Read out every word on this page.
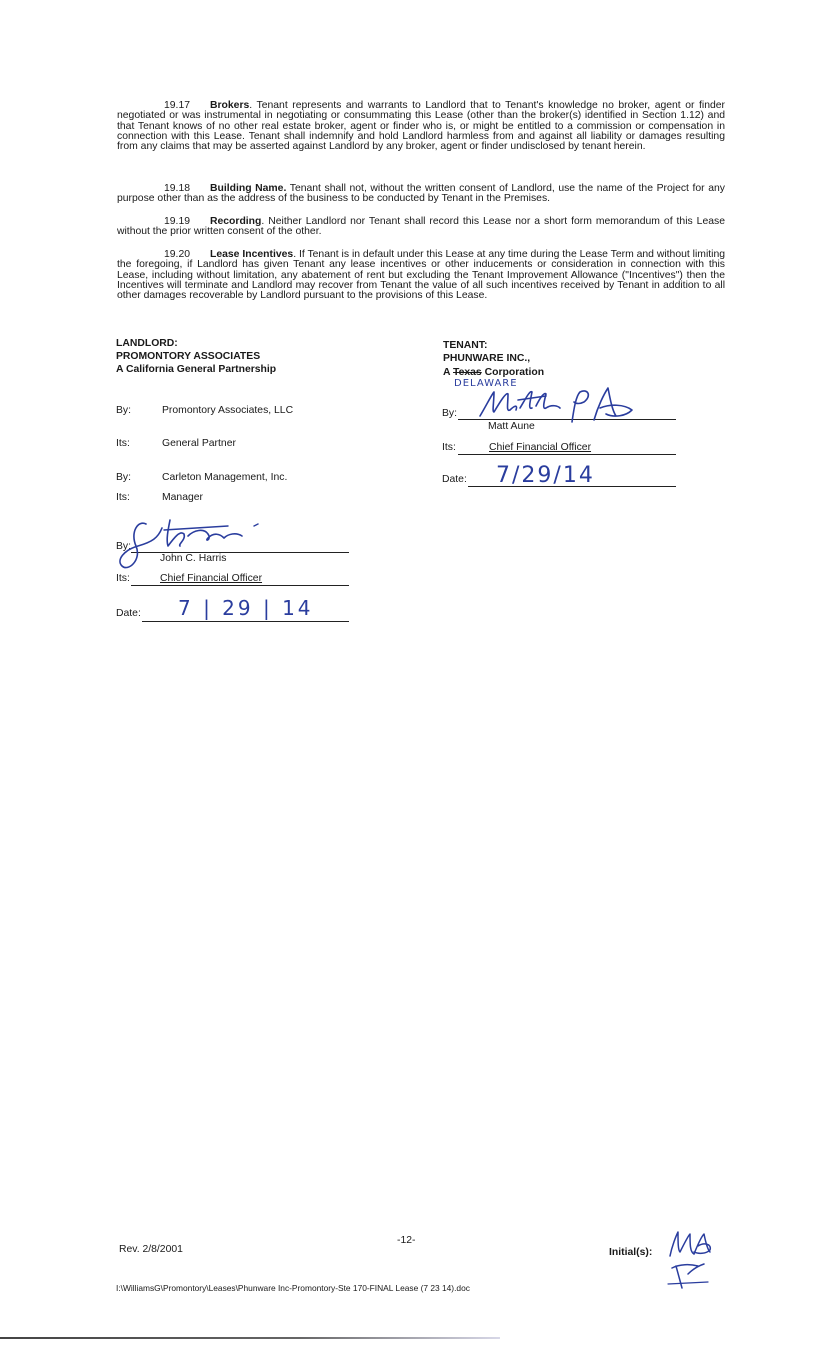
19.17 Brokers. Tenant represents and warrants to Landlord that to Tenant's knowledge no broker, agent or finder negotiated or was instrumental in negotiating or consummating this Lease (other than the broker(s) identified in Section 1.12) and that Tenant knows of no other real estate broker, agent or finder who is, or might be entitled to a commission or compensation in connection with this Lease. Tenant shall indemnify and hold Landlord harmless from and against all liability or damages resulting from any claims that may be asserted against Landlord by any broker, agent or finder undisclosed by tenant herein.
19.18 Building Name. Tenant shall not, without the written consent of Landlord, use the name of the Project for any purpose other than as the address of the business to be conducted by Tenant in the Premises.
19.19 Recording. Neither Landlord nor Tenant shall record this Lease nor a short form memorandum of this Lease without the prior written consent of the other.
19.20 Lease Incentives. If Tenant is in default under this Lease at any time during the Lease Term and without limiting the foregoing, if Landlord has given Tenant any lease incentives or other inducements or consideration in connection with this Lease, including without limitation, any abatement of rent but excluding the Tenant Improvement Allowance ("Incentives") then the Incentives will terminate and Landlord may recover from Tenant the value of all such incentives received by Tenant in addition to all other damages recoverable by Landlord pursuant to the provisions of this Lease.
LANDLORD:
PROMONTORY ASSOCIATES
A California General Partnership
By:	Promontory Associates, LLC
Its:	General Partner
By:	Carleton Management, Inc.
Its:	Manager
By:
John C. Harris
Its:	Chief Financial Officer
Date: 7 | 29 | 14
TENANT:
PHUNWARE INC.,
A Texas Corporation
DELAWARE
By:
Matt Aune
Its:	Chief Financial Officer
Date: 7/29/14
-12-
Rev. 2/8/2001	Initial(s):
I:\WilliamsG\Promontory\Leases\Phunware Inc-Promontory-Ste 170-FINAL Lease (7 23 14).doc
